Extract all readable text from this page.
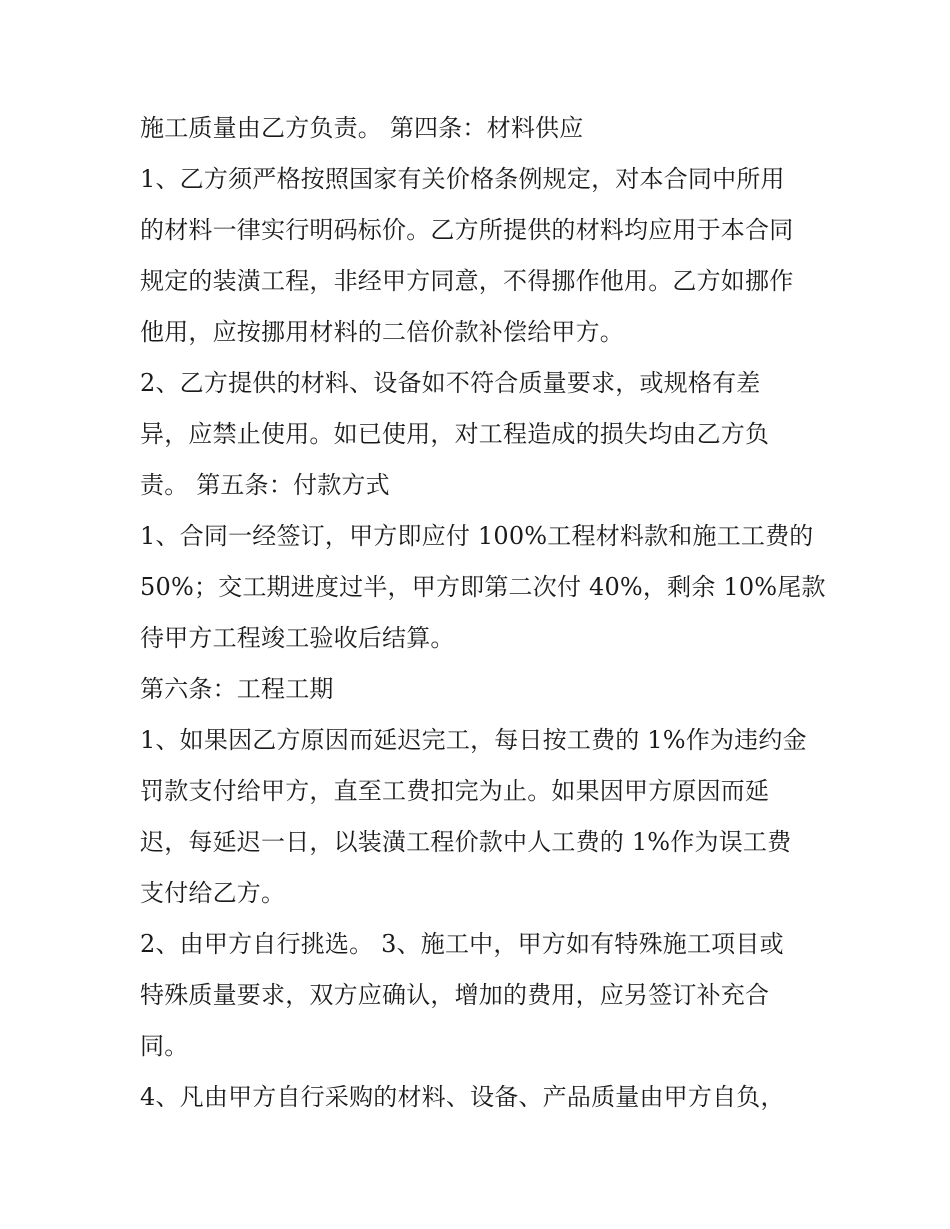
施工质量由乙方负责。 第四条：材料供应
1、乙方须严格按照国家有关价格条例规定，对本合同中所用
的材料一律实行明码标价。乙方所提供的材料均应用于本合同
规定的装潢工程，非经甲方同意，不得挪作他用。乙方如挪作
他用，应按挪用材料的二倍价款补偿给甲方。
2、乙方提供的材料、设备如不符合质量要求，或规格有差
异，应禁止使用。如已使用，对工程造成的损失均由乙方负
责。 第五条：付款方式
1、合同一经签订，甲方即应付 100%工程材料款和施工工费的
50%；交工期进度过半，甲方即第二次付 40%，剩余 10%尾款
待甲方工程竣工验收后结算。
第六条：工程工期
1、如果因乙方原因而延迟完工，每日按工费的 1%作为违约金
罚款支付给甲方，直至工费扣完为止。如果因甲方原因而延
迟，每延迟一日，以装潢工程价款中人工费的 1%作为误工费
支付给乙方。
2、由甲方自行挑选。 3、施工中，甲方如有特殊施工项目或
特殊质量要求，双方应确认，增加的费用，应另签订补充合
同。
4、凡由甲方自行采购的材料、设备、产品质量由甲方自负，
